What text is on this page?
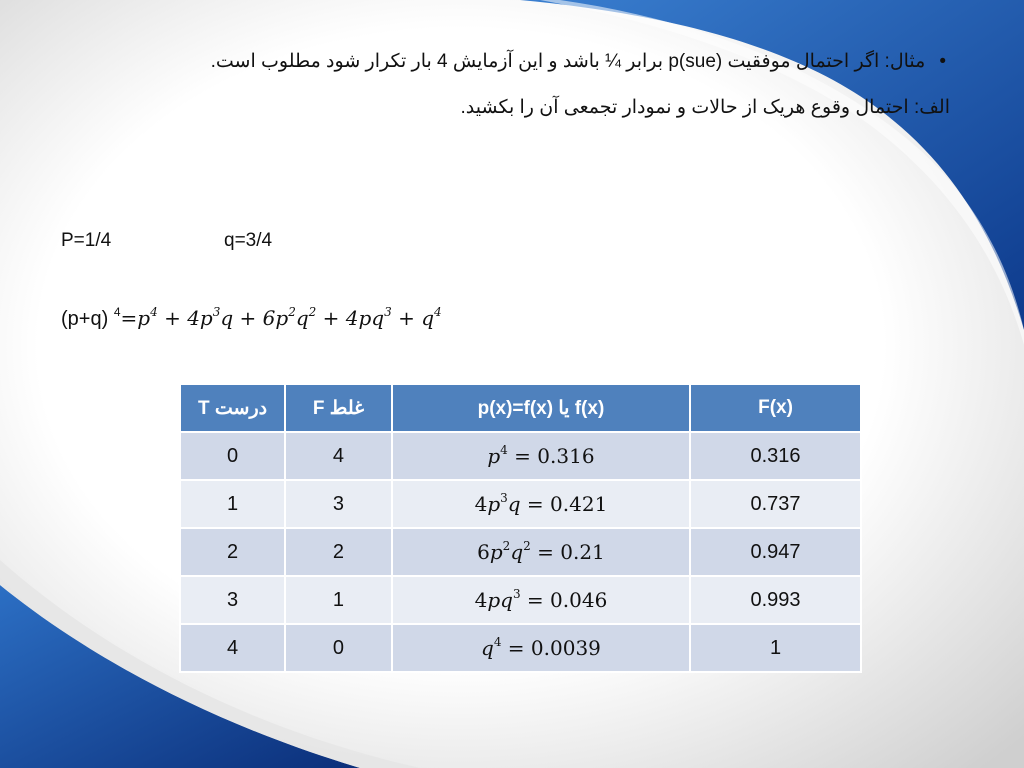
•مثال: اگر احتمال موفقیت p(sue) برابر ¼ باشد و این آزمایش 4 بار تکرار شود مطلوب است.
الف: احتمال وقوع هریک از حالات و نمودار تجمعی آن را بکشید.
P=1/4	q=3/4
(p+q) $^4=p^4 + 4p^3q + 6p^2q^2 + 4pq^3 + q^4$
درست T	غلط F	f(x) یا p(x)=f(x)	F(x)
0	4	$p^4 = 0.316$	0.316
1	3	$4p^3q = 0.421$	0.737
2	2	$6p^2q^2 = 0.21$	0.947
3	1	$4pq^3 = 0.046$	0.993
4	0	$q^4 = 0.0039$	1
